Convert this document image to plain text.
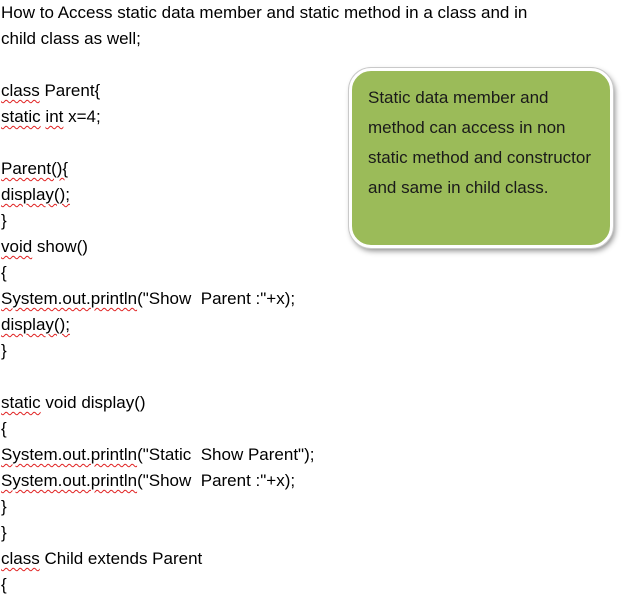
How to Access static data member and static method in a class and in
child class as well;
class Parent{
static int x=4;
Parent(){
display();
}
void show()
{
System.out.println("Show  Parent :"+x);
display();
}
static void display()
{
System.out.println("Static  Show Parent");
System.out.println("Show  Parent :"+x);
}
}
class Child extends Parent
{
Static data member and method can access in non static method and constructor and same in child class.
